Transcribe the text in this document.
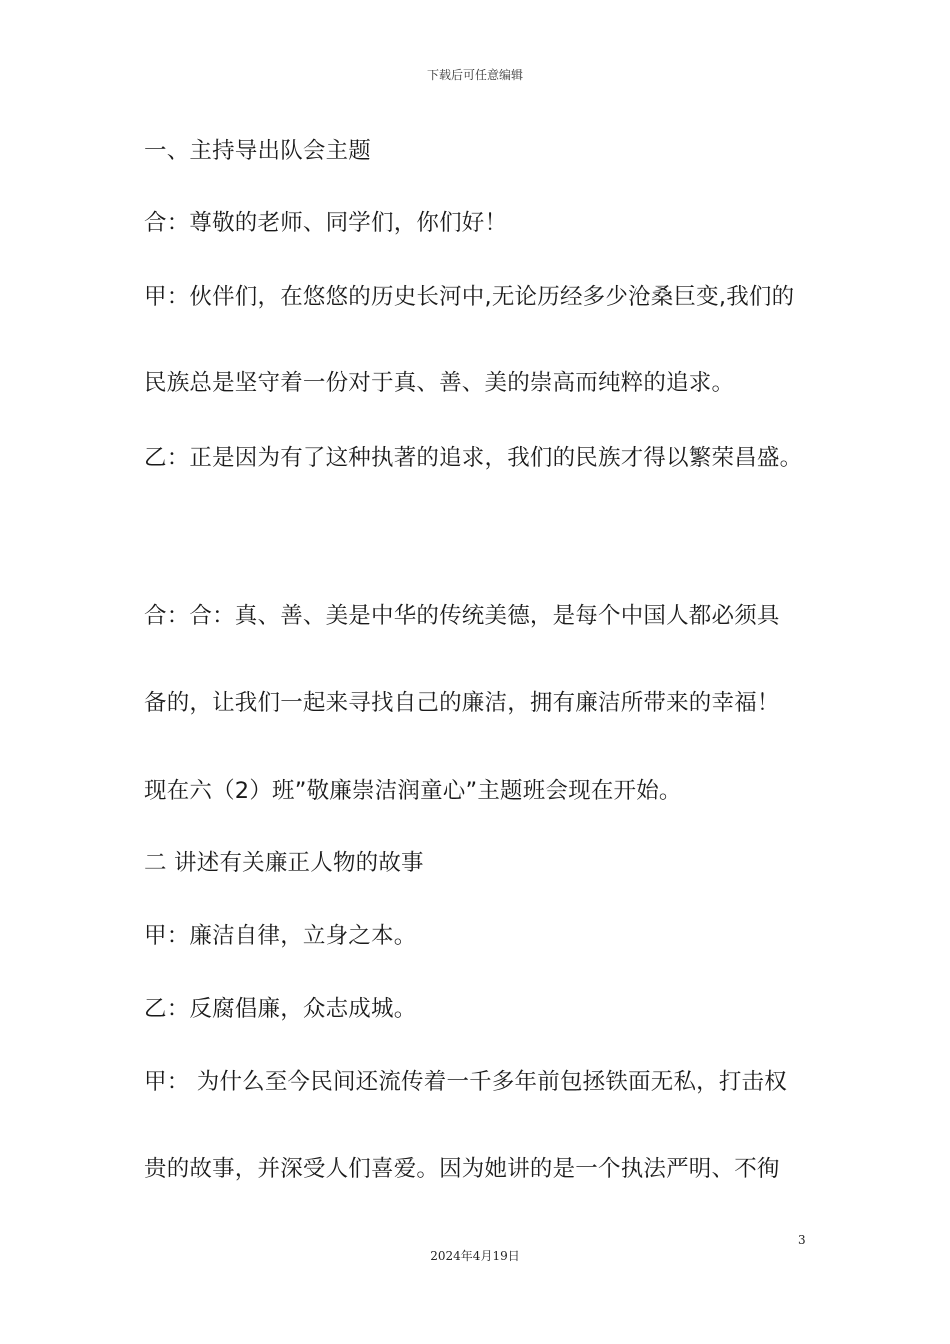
下载后可任意编辑
一、主持导出队会主题
合：尊敬的老师、同学们，你们好！
甲：伙伴们，在悠悠的历史长河中,无论历经多少沧桑巨变,我们的
民族总是坚守着一份对于真、善、美的崇高而纯粹的追求。
乙：正是因为有了这种执著的追求，我们的民族才得以繁荣昌盛。
合：合：真、善、美是中华的传统美德，是每个中国人都必须具
备的，让我们一起来寻找自己的廉洁，拥有廉洁所带来的幸福！
现在六（2）班”敬廉崇洁润童心”主题班会现在开始。
二 讲述有关廉正人物的故事
甲：廉洁自律，立身之本。
乙：反腐倡廉，众志成城。
甲： 为什么至今民间还流传着一千多年前包拯铁面无私，打击权
贵的故事，并深受人们喜爱。因为她讲的是一个执法严明、不徇
3
2024年4月19日
